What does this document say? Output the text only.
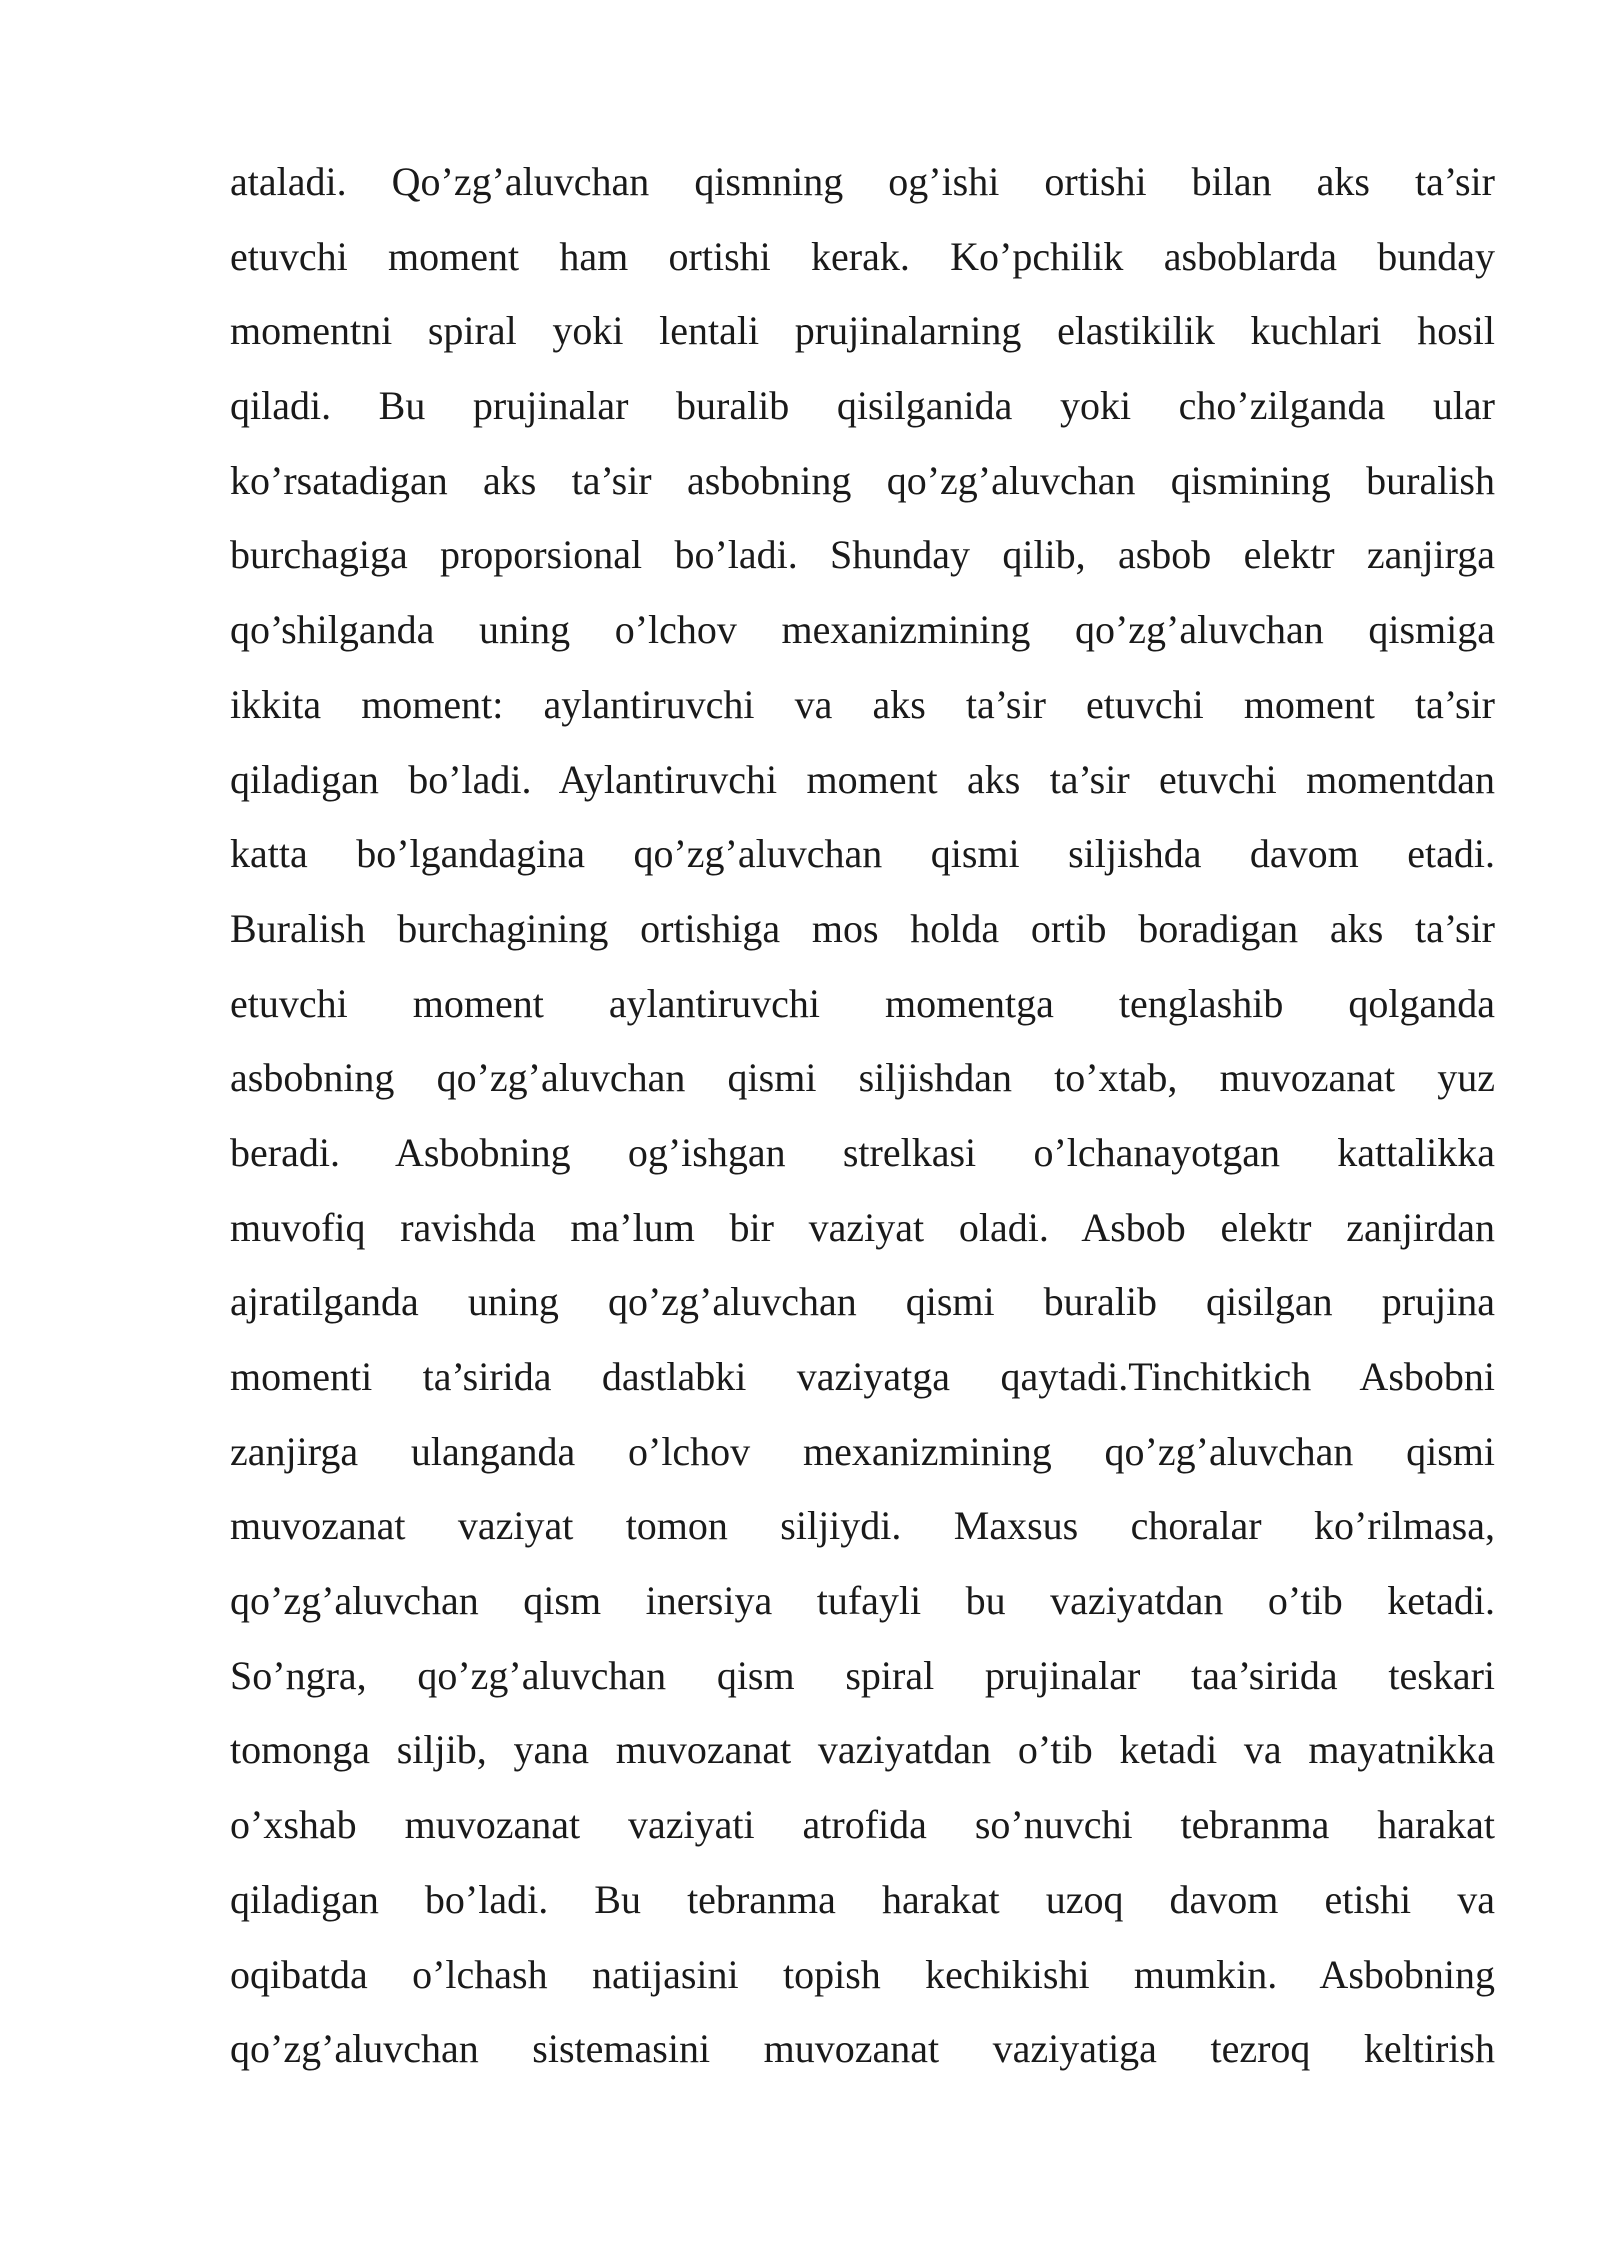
ataladi. Qo’zg’aluvchan qismning og’ishi ortishi bilan aks ta’sir
etuvchi moment ham ortishi kerak. Ko’pchilik asboblarda bunday
momentni spiral yoki lentali prujinalarning elastikilik kuchlari hosil
qiladi. Bu prujinalar buralib qisilganida yoki cho’zilganda ular
ko’rsatadigan aks ta’sir asbobning qo’zg’aluvchan qismining buralish
burchagiga proporsional bo’ladi. Shunday qilib, asbob elektr zanjirga
qo’shilganda uning o’lchov mexanizmining qo’zg’aluvchan qismiga
ikkita moment: aylantiruvchi va aks ta’sir etuvchi moment ta’sir
qiladigan bo’ladi. Aylantiruvchi moment aks ta’sir etuvchi momentdan
katta bo’lgandagina qo’zg’aluvchan qismi siljishda davom etadi.
Buralish burchagining ortishiga mos holda ortib boradigan aks ta’sir
etuvchi moment aylantiruvchi momentga tenglashib qolganda
asbobning qo’zg’aluvchan qismi siljishdan to’xtab, muvozanat yuz
beradi. Asbobning og’ishgan strelkasi o’lchanayotgan kattalikka
muvofiq ravishda ma’lum bir vaziyat oladi. Asbob elektr zanjirdan
ajratilganda uning qo’zg’aluvchan qismi buralib qisilgan prujina
momenti ta’sirida dastlabki vaziyatga qaytadi.Tinchitkich Asbobni
zanjirga ulanganda o’lchov mexanizmining qo’zg’aluvchan qismi
muvozanat vaziyat tomon siljiydi. Maxsus choralar ko’rilmasa,
qo’zg’aluvchan qism inersiya tufayli bu vaziyatdan o’tib ketadi.
So’ngra, qo’zg’aluvchan qism spiral prujinalar taa’sirida teskari
tomonga siljib, yana muvozanat vaziyatdan o’tib ketadi va mayatnikka
o’xshab muvozanat vaziyati atrofida so’nuvchi tebranma harakat
qiladigan bo’ladi. Bu tebranma harakat uzoq davom etishi va
oqibatda o’lchash natijasini topish kechikishi mumkin. Asbobning
qo’zg’aluvchan sistemasini muvozanat vaziyatiga tezroq keltirish
